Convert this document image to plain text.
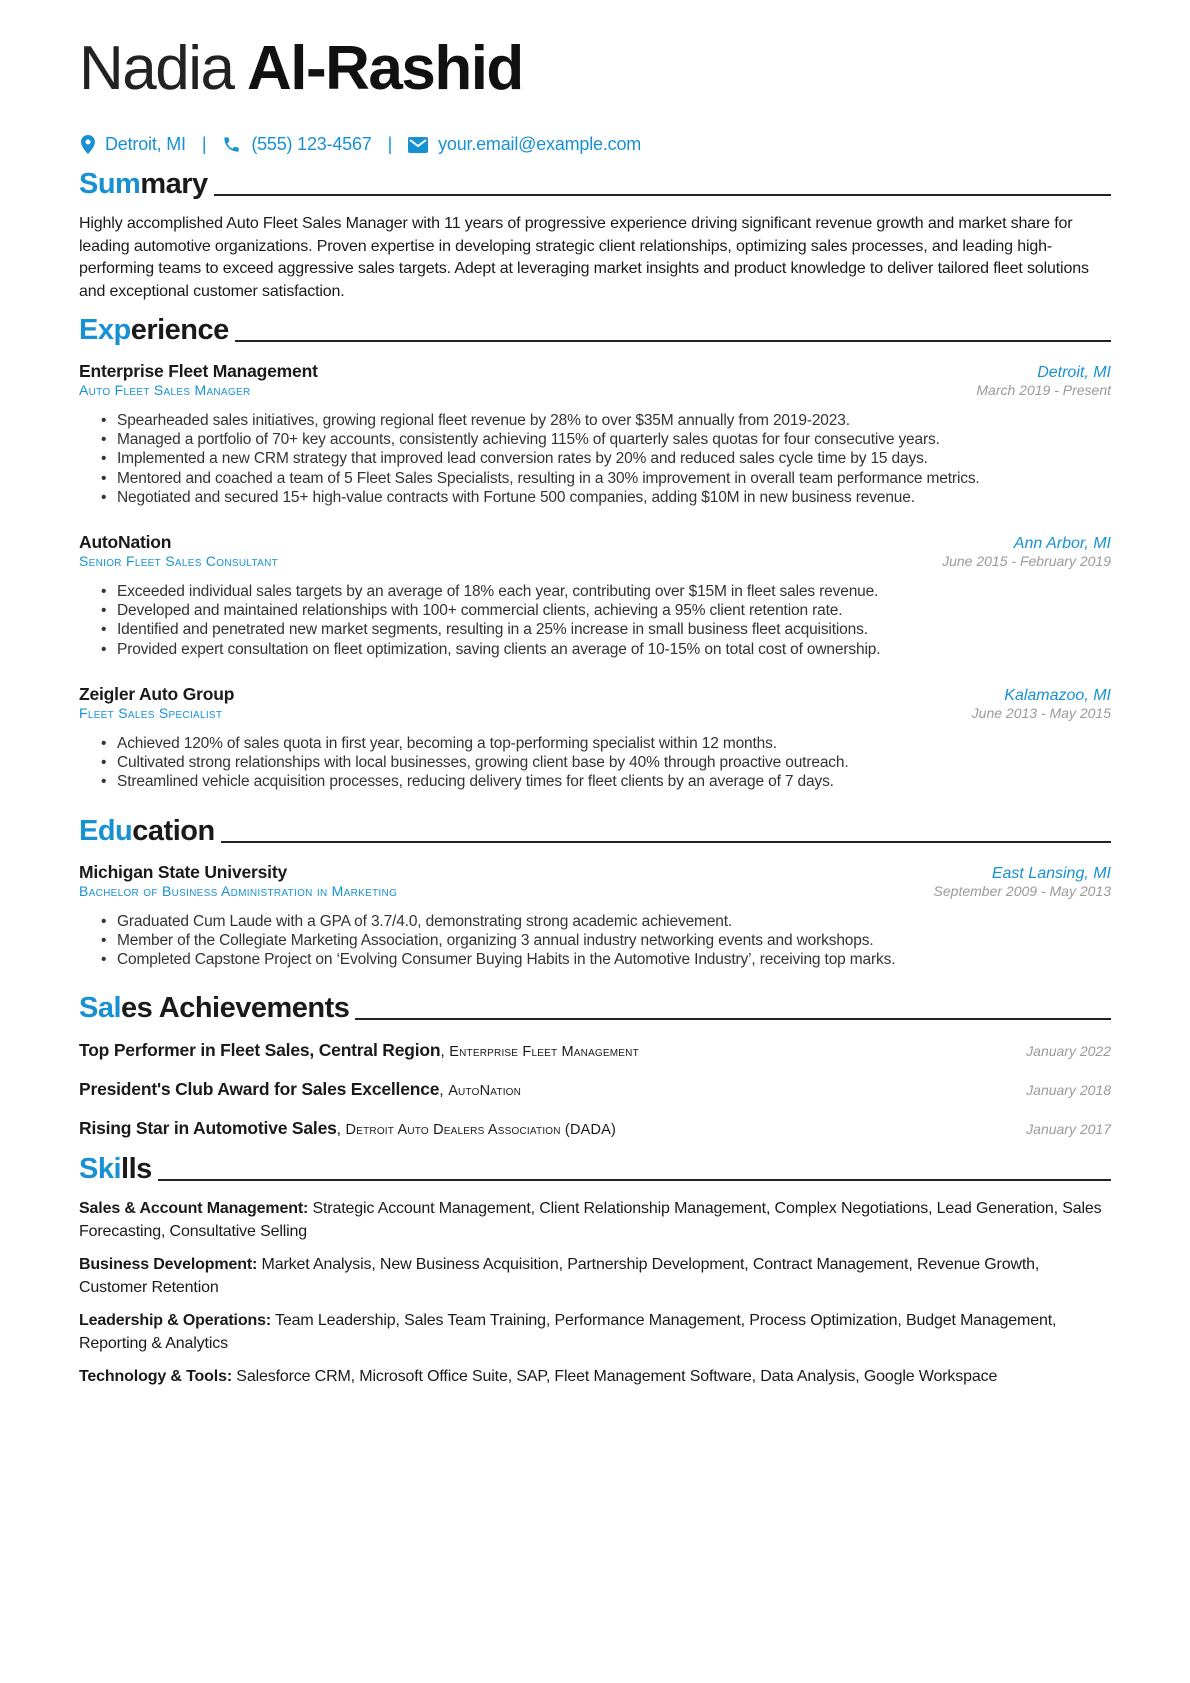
Nadia Al-Rashid
Detroit, MI |	(555) 123-4567 |	your.email@example.com
Summary

Highly accomplished Auto Fleet Sales Manager with 11 years of progressive experience driving significant revenue growth and market share for leading automotive organizations. Proven expertise in developing strategic client relationships, optimizing sales processes, and leading high-performing teams to exceed aggressive sales targets. Adept at leveraging market insights and product knowledge to deliver tailored fleet solutions and exceptional customer satisfaction.

Experience
Enterprise Fleet Management	Detroit, MI
Auto Fleet Sales Manager	March 2019 - Present
• Spearheaded sales initiatives, growing regional fleet revenue by 28% to over $35M annually from 2019-2023.
• Managed a portfolio of 70+ key accounts, consistently achieving 115% of quarterly sales quotas for four consecutive years.
• Implemented a new CRM strategy that improved lead conversion rates by 20% and reduced sales cycle time by 15 days.
• Mentored and coached a team of 5 Fleet Sales Specialists, resulting in a 30% improvement in overall team performance metrics.
• Negotiated and secured 15+ high-value contracts with Fortune 500 companies, adding $10M in new business revenue.
AutoNation	Ann Arbor, MI
Senior Fleet Sales Consultant	June 2015 - February 2019
• Exceeded individual sales targets by an average of 18% each year, contributing over $15M in fleet sales revenue.
• Developed and maintained relationships with 100+ commercial clients, achieving a 95% client retention rate.
• Identified and penetrated new market segments, resulting in a 25% increase in small business fleet acquisitions.
• Provided expert consultation on fleet optimization, saving clients an average of 10-15% on total cost of ownership.
Zeigler Auto Group	Kalamazoo, MI
Fleet Sales Specialist	June 2013 - May 2015
• Achieved 120% of sales quota in first year, becoming a top-performing specialist within 12 months.
• Cultivated strong relationships with local businesses, growing client base by 40% through proactive outreach.
• Streamlined vehicle acquisition processes, reducing delivery times for fleet clients by an average of 7 days.
Education
Michigan State University	East Lansing, MI
Bachelor of Business Administration in Marketing	September 2009 - May 2013
• Graduated Cum Laude with a GPA of 3.7/4.0, demonstrating strong academic achievement.
• Member of the Collegiate Marketing Association, organizing 3 annual industry networking events and workshops.
• Completed Capstone Project on ‘Evolving Consumer Buying Habits in the Automotive Industry’, receiving top marks.
Sales Achievements
Top Performer in Fleet Sales, Central Region, Enterprise Fleet Management	January 2022
President's Club Award for Sales Excellence, AutoNation	January 2018
Rising Star in Automotive Sales, Detroit Auto Dealers Association (DADA)	January 2017
Skills

Sales & Account Management: Strategic Account Management, Client Relationship Management, Complex Negotiations, Lead Generation, Sales Forecasting, Consultative Selling

Business Development: Market Analysis, New Business Acquisition, Partnership Development, Contract Management, Revenue Growth, Customer Retention

Leadership & Operations: Team Leadership, Sales Team Training, Performance Management, Process Optimization, Budget Management, Reporting & Analytics

Technology & Tools: Salesforce CRM, Microsoft Office Suite, SAP, Fleet Management Software, Data Analysis, Google Workspace
